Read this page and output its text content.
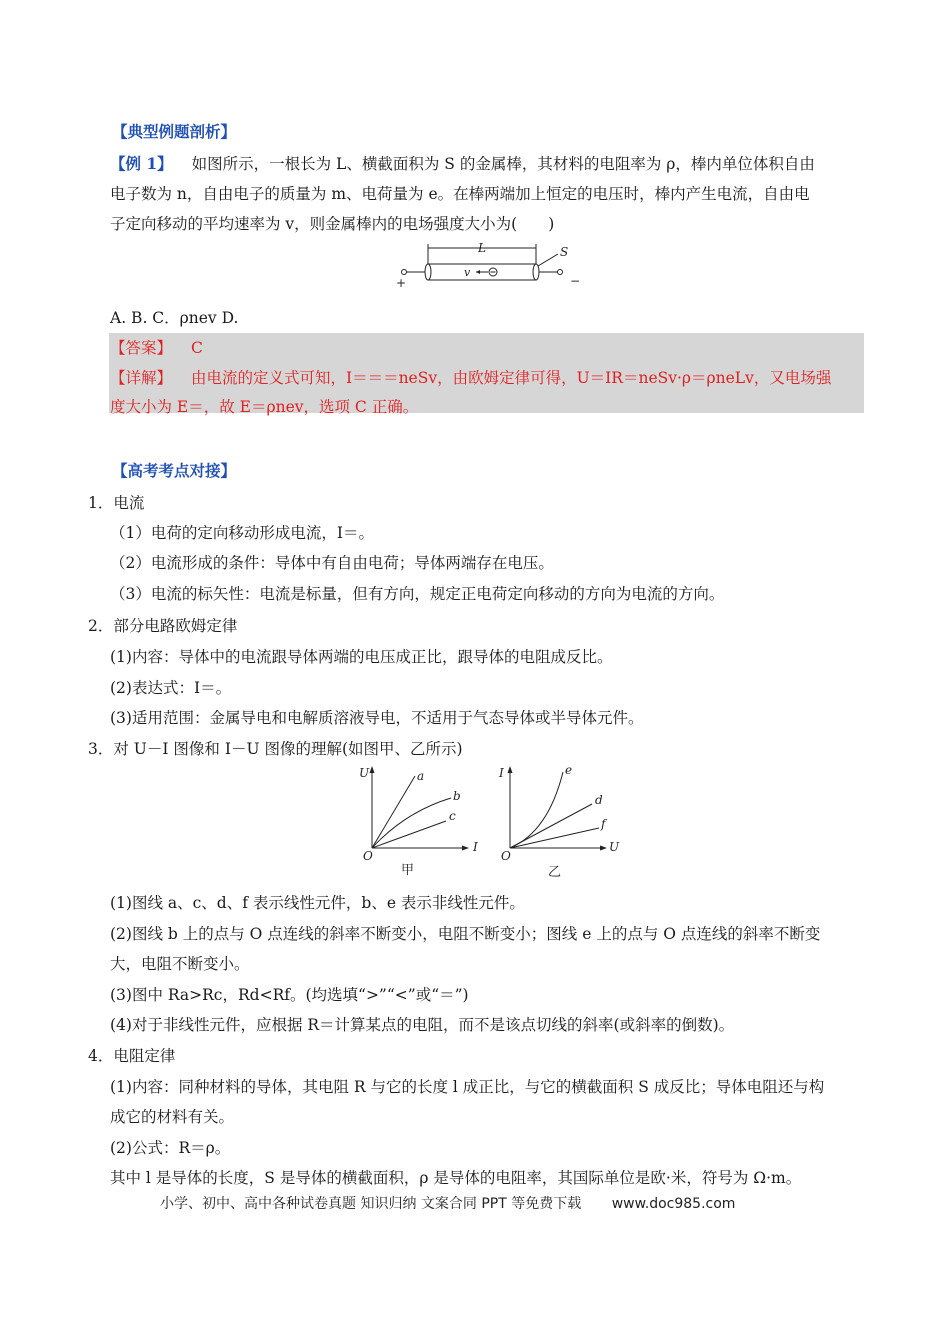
【典型例题剖析】
【例 1】 如图所示，一根长为 L、横截面积为 S 的金属棒，其材料的电阻率为 ρ，棒内单位体积自由
电子数为 n，自由电子的质量为 m、电荷量为 e。在棒两端加上恒定的电压时，棒内产生电流，自由电
子定向移动的平均速率为 v，则金属棒内的电场强度大小为(　　)
L
+	−
v
S
A. B. C．ρnev D.
【答案】 C
【详解】 由电流的定义式可知，I＝＝＝neSv，由欧姆定律可得，U＝IR＝neSv·ρ＝ρneLv，又电场强
度大小为 E＝，故 E＝ρnev，选项 C 正确。
【高考考点对接】
1．电流
（1）电荷的定向移动形成电流，I＝。
（2）电流形成的条件：导体中有自由电荷；导体两端存在电压。
（3）电流的标矢性：电流是标量，但有方向，规定正电荷定向移动的方向为电流的方向。
2．部分电路欧姆定律
(1)内容：导体中的电流跟导体两端的电压成正比，跟导体的电阻成反比。
(2)表达式：I＝。
(3)适用范围：金属导电和电解质溶液导电，不适用于气态导体或半导体元件。
3．对 U－I 图像和 I－U 图像的理解(如图甲、乙所示)
U
I
O
a
b
c
甲
I
U
O
e
d
f
乙
(1)图线 a、c、d、f 表示线性元件，b、e 表示非线性元件。
(2)图线 b 上的点与 O 点连线的斜率不断变小，电阻不断变小；图线 e 上的点与 O 点连线的斜率不断变
大，电阻不断变小。
(3)图中 Ra>Rc，Rd<Rf。(均选填“>”“<”或“＝”)
(4)对于非线性元件，应根据 R＝计算某点的电阻，而不是该点切线的斜率(或斜率的倒数)。
4．电阻定律
(1)内容：同种材料的导体，其电阻 R 与它的长度 l 成正比，与它的横截面积 S 成反比；导体电阻还与构
成它的材料有关。
(2)公式：R＝ρ。
其中 l 是导体的长度，S 是导体的横截面积，ρ 是导体的电阻率，其国际单位是欧·米，符号为 Ω·m。
小学、初中、高中各种试卷真题 知识归纳 文案合同 PPT 等免费下载 www.doc985.com
